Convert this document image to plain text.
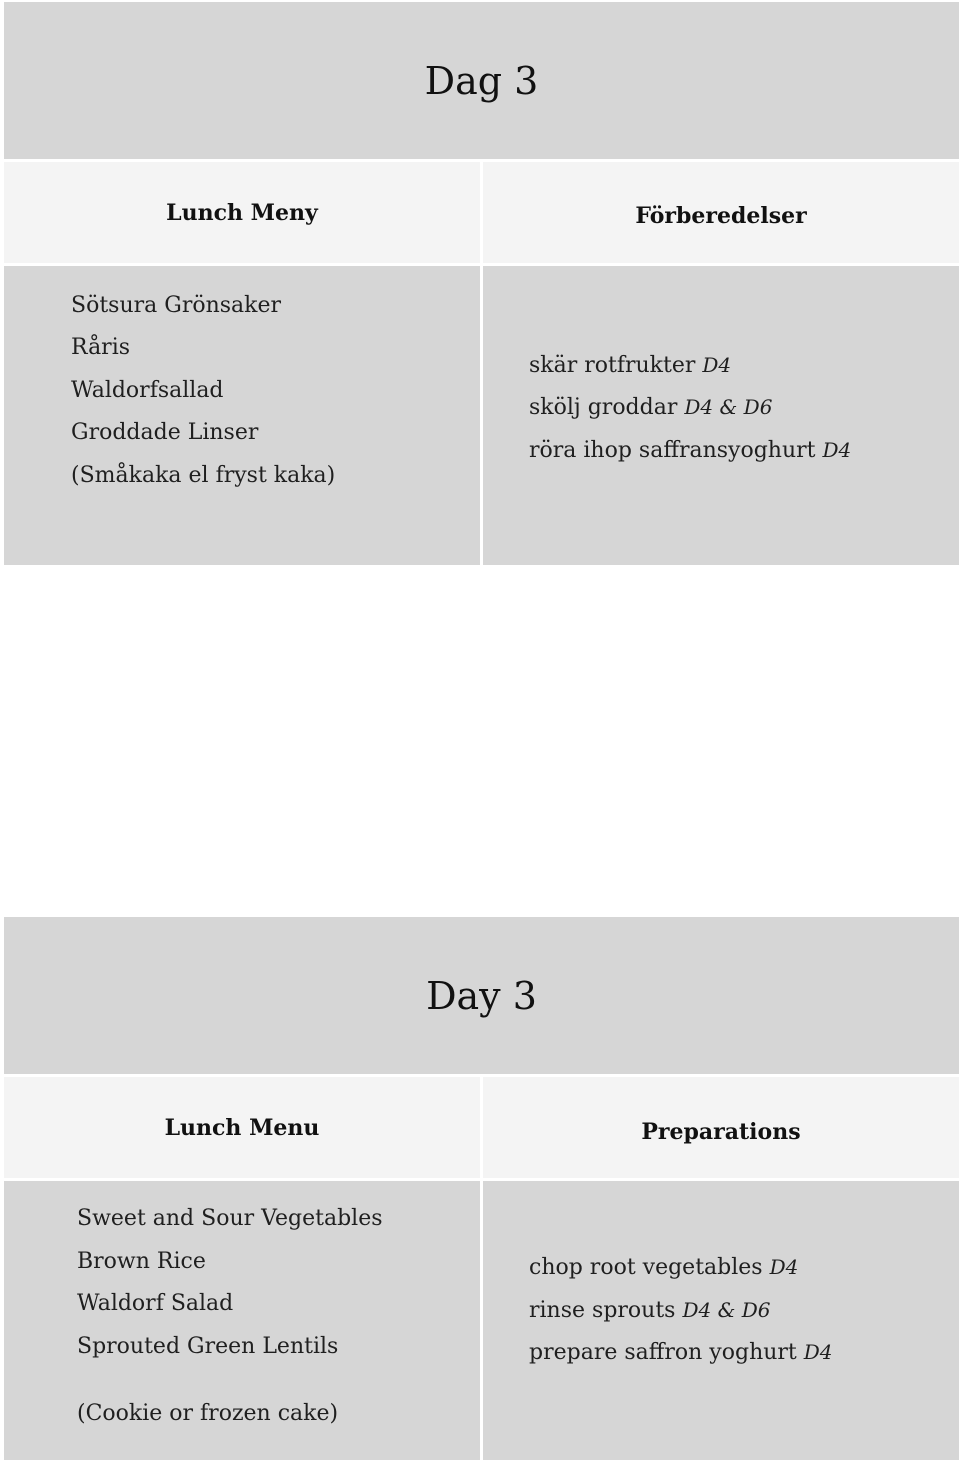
Dag 3
Lunch Meny	Förberedelser
Sötsura Grönsaker
Råris
Waldorfsallad
Groddade Linser
(Småkaka el fryst kaka)
skär rotfrukter D4
skölj groddar D4 & D6
röra ihop saffransyoghurt D4
Day 3
Lunch Menu	Preparations
Sweet and Sour Vegetables
Brown Rice
Waldorf Salad
Sprouted Green Lentils
(Cookie or frozen cake)
chop root vegetables D4
rinse sprouts D4 & D6
prepare saffron yoghurt D4
